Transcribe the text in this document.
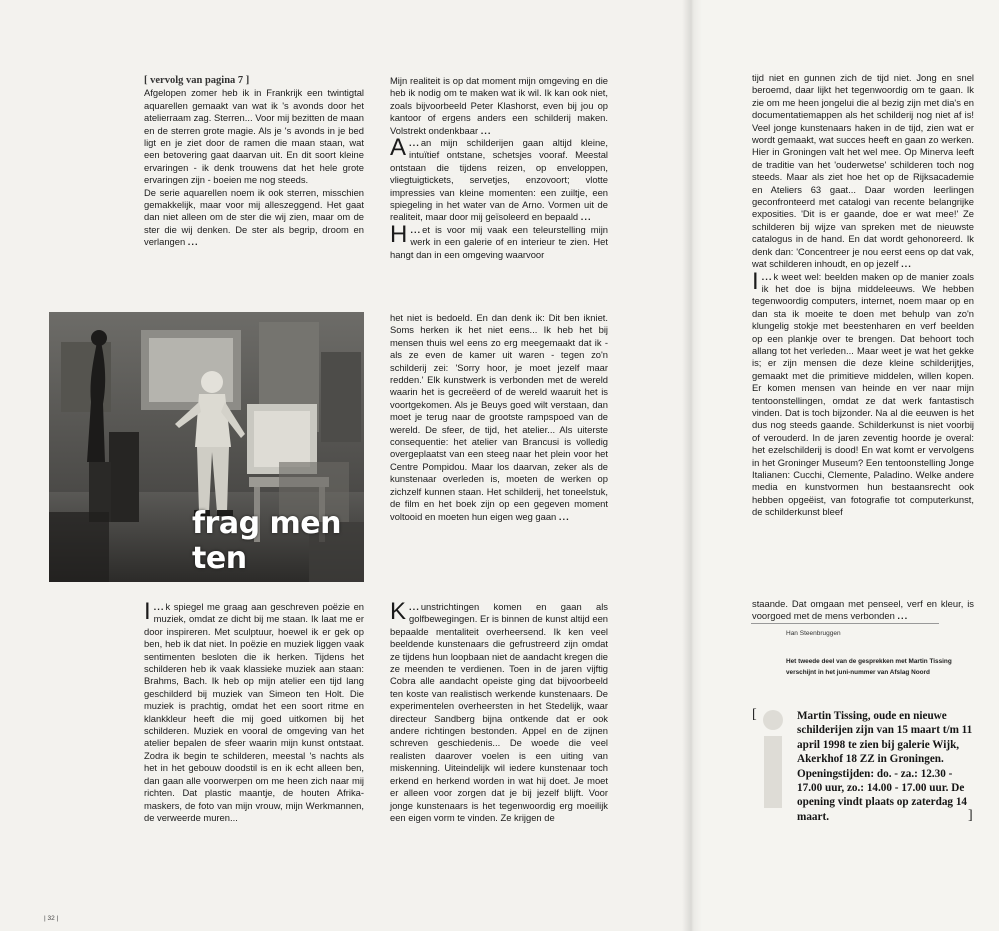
[ vervolg van pagina 7 ]

Afgelopen zomer heb ik in Frankrijk een twintigtal aquarellen gemaakt van wat ik 's avonds door het atelierraam zag. Sterren... Voor mij bezitten de maan en de sterren grote magie. Als je 's avonds in je bed ligt en je ziet door de ramen die maan staan, wat een betovering gaat daarvan uit. En dit soort kleine ervaringen - ik denk trouwens dat het hele grote ervaringen zijn - boeien me nog steeds.

De serie aquarellen noem ik ook sterren, misschien gemakkelijk, maar voor mij alleszeggend. Het gaat dan niet alleen om de ster die wij zien, maar om de ster die wij denken. De ster als begrip, droom en verlangen ...

frag men ten

...
I k spiegel me graag aan geschreven poëzie en muziek, omdat ze dicht bij me staan. Ik laat me er door inspireren. Met sculptuur, hoewel ik er gek op ben, heb ik dat niet. In poëzie en muziek liggen vaak sentimenten besloten die ik herken. Tijdens het schilderen heb ik vaak klassieke muziek aan staan: Brahms, Bach. Ik heb op mijn atelier een tijd lang geschilderd bij muziek van Simeon ten Holt. Die muziek is prachtig, omdat het een soort ritme en klankkleur heeft die mij goed uitkomen bij het schilderen. Muziek en vooral de omgeving van het atelier bepalen de sfeer waarin mijn kunst ontstaat. Zodra ik begin te schilderen, meestal 's nachts als het in het gebouw doodstil is en ik echt alleen ben, dan gaan alle voorwerpen om me heen zich naar mij richten. Dat plastic maantje, de houten Afrika-maskers, de foto van mijn vrouw, mijn Werkmannen, de verweerde muren...

Mijn realiteit is op dat moment mijn omgeving en die heb ik nodig om te maken wat ik wil. Ik kan ook niet, zoals bijvoorbeeld Peter Klashorst, even bij jou op kantoor of ergens anders een schilderij maken. Volstrekt ondenkbaar ...

...
A an mijn schilderijen gaan altijd kleine, intuïtief ontstane, schetsjes vooraf. Meestal ontstaan die tijdens reizen, op enveloppen, vliegtuigtickets, servetjes, enzovoort; vlotte impressies van kleine momenten: een zuiltje, een spiegeling in het water van de Arno. Vormen uit de realiteit, maar door mij geïsoleerd en bepaald ...

...
H et is voor mij vaak een teleurstelling mijn werk in een galerie of en interieur te zien. Het hangt dan in een omgeving waarvoor

het niet is bedoeld. En dan denk ik: Dit ben ikniet. Soms herken ik het niet eens... Ik heb het bij mensen thuis wel eens zo erg meegemaakt dat ik - als ze even de kamer uit waren - tegen zo'n schilderij zei: 'Sorry hoor, je moet jezelf maar redden.' Elk kunstwerk is verbonden met de wereld waarin het is gecreëerd of de wereld waaruit het is voortgekomen. Als je Beuys goed wilt verstaan, dan moet je terug naar de grootste rampspoed van de wereld. De sfeer, de tijd, het atelier... Als uiterste consequentie: het atelier van Brancusi is volledig overgeplaatst van een steeg naar het plein voor het Centre Pompidou. Maar los daarvan, zeker als de kunstenaar overleden is, moeten de werken op zichzelf kunnen staan. Het schilderij, het toneelstuk, de film en het boek zijn op een gegeven moment voltooid en moeten hun eigen weg gaan ...

...
K unstrichtingen komen en gaan als golfbewegingen. Er is binnen de kunst altijd een bepaalde mentaliteit overheersend. Ik ken veel beeldende kunstenaars die gefrustreerd zijn omdat ze tijdens hun loopbaan niet de aandacht kregen die ze meenden te verdienen. Toen in de jaren vijftig Cobra alle aandacht opeiste ging dat bijvoorbeeld ten koste van realistisch werkende kunstenaars. De experimentelen overheersten in het Stedelijk, waar directeur Sandberg bijna ontkende dat er ook andere richtingen bestonden. Appel en de zijnen schreven geschiedenis... De woede die veel realisten daarover voelen is een uiting van miskenning. Uiteindelijk wil iedere kunstenaar toch erkend en herkend worden in wat hij doet. Je moet er alleen voor zorgen dat je bij jezelf blijft. Voor jonge kunstenaars is het tegenwoordig erg moeilijk een eigen vorm te vinden. Ze krijgen de

| 32 |

tijd niet en gunnen zich de tijd niet. Jong en snel beroemd, daar lijkt het tegenwoordig om te gaan. Ik zie om me heen jongelui die al bezig zijn met dia's en documentatiemappen als het schilderij nog niet af is! Veel jonge kunstenaars haken in de tijd, zien wat er wordt gemaakt, wat succes heeft en gaan zo werken. Hier in Groningen valt het wel mee. Op Minerva leeft de traditie van het 'ouderwetse' schilderen toch nog steeds. Maar als ziet hoe het op de Rijksacademie en Ateliers 63 gaat... Daar worden leerlingen geconfronteerd met catalogi van recente belangrijke exposities. 'Dit is er gaande, doe er wat mee!' Ze schilderen bij wijze van spreken met de nieuwste catalogus in de hand. En dat wordt gehonoreerd. Ik denk dan: 'Concentreer je nou eerst eens op dat vak, wat schilderen inhoudt, en op jezelf ...

...
I k weet wel: beelden maken op de manier zoals ik het doe is bijna middeleeuws. We hebben tegenwoordig computers, internet, noem maar op en dan sta ik moeite te doen met behulp van zo'n klungelig stokje met beestenharen en verf beelden op een plankje over te brengen. Dat behoort toch allang tot het verleden... Maar weet je wat het gekke is; er zijn mensen die deze kleine schilderijtjes, gemaakt met die primitieve middelen, willen kopen. Er komen mensen van heinde en ver naar mijn tentoonstellingen, omdat ze dat werk fantastisch vinden. Dat is toch bijzonder. Na al die eeuwen is het dus nog steeds gaande. Schilderkunst is niet voorbij of verouderd. In de jaren zeventig hoorde je overal: het ezelschilderij is dood! En wat komt er vervolgens in het Groninger Museum? Een tentoonstelling Jonge Italianen: Cucchi, Clemente, Paladino. Welke andere media en kunstvormen hun bestaansrecht ook hebben opgeëist, van fotografie tot computerkunst, de schilderkunst bleef

staande. Dat omgaan met penseel, verf en kleur, is voorgoed met de mens verbonden ...

Han Steenbruggen
Het tweede deel van de gesprekken met Martin Tissing verschijnt in het juni-nummer van Afslag Noord
[	Martin Tissing, oude en nieuwe schilderijen zijn van 15 maart t/m 11 april 1998 te zien bij galerie Wijk, Akerkhof 18 ZZ in Groningen. Openingstijden: do. - za.: 12.30 - 17.00 uur, zo.: 14.00 - 17.00 uur. De opening vindt plaats op zaterdag 14 maart.	]
